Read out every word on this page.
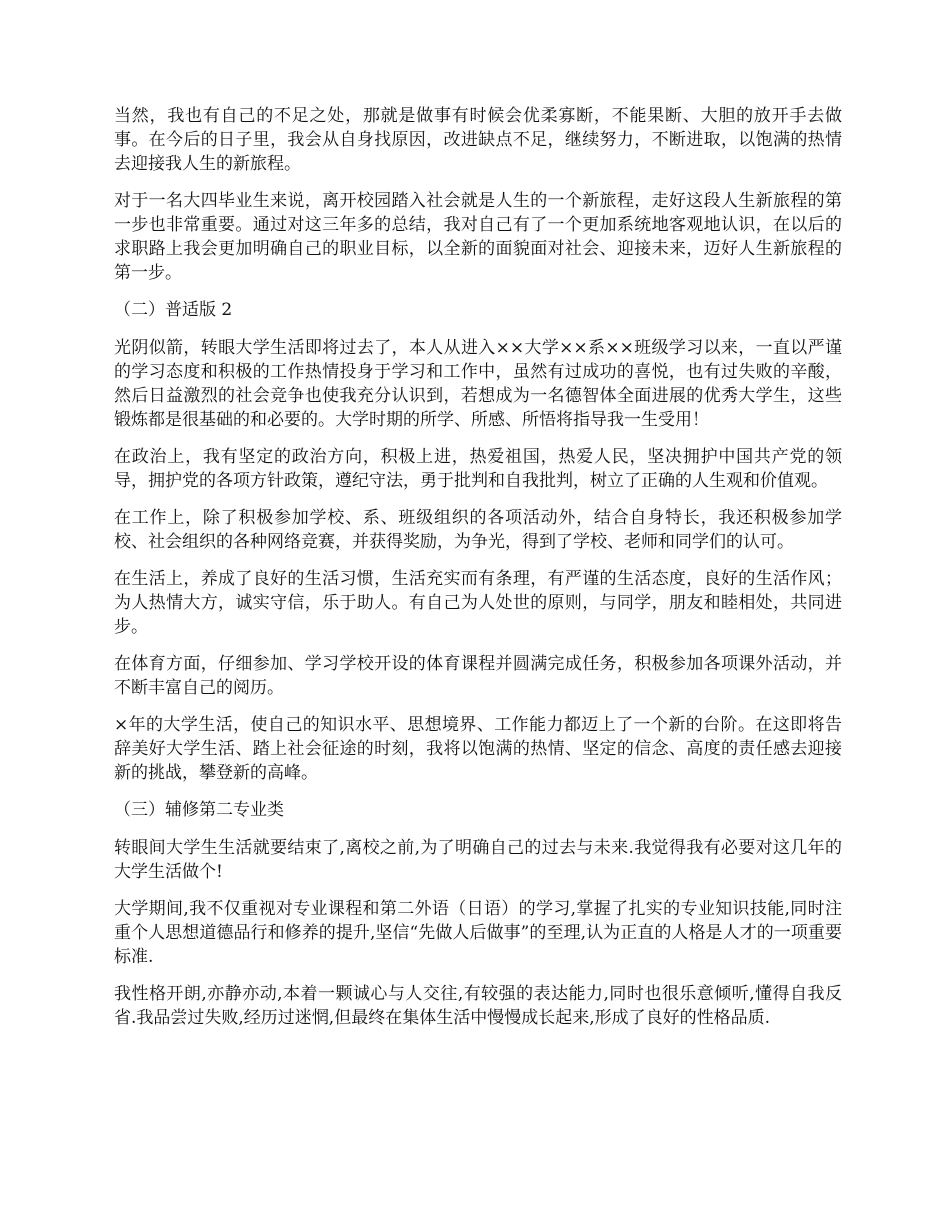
当然，我也有自己的不足之处，那就是做事有时候会优柔寡断，不能果断、大胆的放开手去做事。在今后的日子里，我会从自身找原因，改进缺点不足，继续努力，不断进取，以饱满的热情去迎接我人生的新旅程。

对于一名大四毕业生来说，离开校园踏入社会就是人生的一个新旅程，走好这段人生新旅程的第一步也非常重要。通过对这三年多的总结，我对自己有了一个更加系统地客观地认识，在以后的求职路上我会更加明确自己的职业目标，以全新的面貌面对社会、迎接未来，迈好人生新旅程的第一步。

（二）普适版 2

光阴似箭，转眼大学生活即将过去了，本人从进入××大学××系××班级学习以来，一直以严谨的学习态度和积极的工作热情投身于学习和工作中，虽然有过成功的喜悦，也有过失败的辛酸，然后日益激烈的社会竞争也使我充分认识到，若想成为一名德智体全面进展的优秀大学生，这些锻炼都是很基础的和必要的。大学时期的所学、所感、所悟将指导我一生受用！

在政治上，我有坚定的政治方向，积极上进，热爱祖国，热爱人民，坚决拥护中国共产党的领导，拥护党的各项方针政策，遵纪守法，勇于批判和自我批判，树立了正确的人生观和价值观。

在工作上，除了积极参加学校、系、班级组织的各项活动外，结合自身特长，我还积极参加学校、社会组织的各种网络竞赛，并获得奖励，为争光，得到了学校、老师和同学们的认可。

在生活上，养成了良好的生活习惯，生活充实而有条理，有严谨的生活态度，良好的生活作风；为人热情大方，诚实守信，乐于助人。有自己为人处世的原则，与同学，朋友和睦相处，共同进步。

在体育方面，仔细参加、学习学校开设的体育课程并圆满完成任务，积极参加各项课外活动，并不断丰富自己的阅历。

×年的大学生活，使自己的知识水平、思想境界、工作能力都迈上了一个新的台阶。在这即将告辞美好大学生活、踏上社会征途的时刻，我将以饱满的热情、坚定的信念、高度的责任感去迎接新的挑战，攀登新的高峰。

（三）辅修第二专业类

转眼间大学生生活就要结束了,离校之前,为了明确自己的过去与未来.我觉得我有必要对这几年的大学生活做个!

大学期间,我不仅重视对专业课程和第二外语（日语）的学习,掌握了扎实的专业知识技能,同时注重个人思想道德品行和修养的提升,坚信“先做人后做事”的至理,认为正直的人格是人才的一项重要标准.

我性格开朗,亦静亦动,本着一颗诚心与人交往,有较强的表达能力,同时也很乐意倾听,懂得自我反省.我品尝过失败,经历过迷惘,但最终在集体生活中慢慢成长起来,形成了良好的性格品质.
